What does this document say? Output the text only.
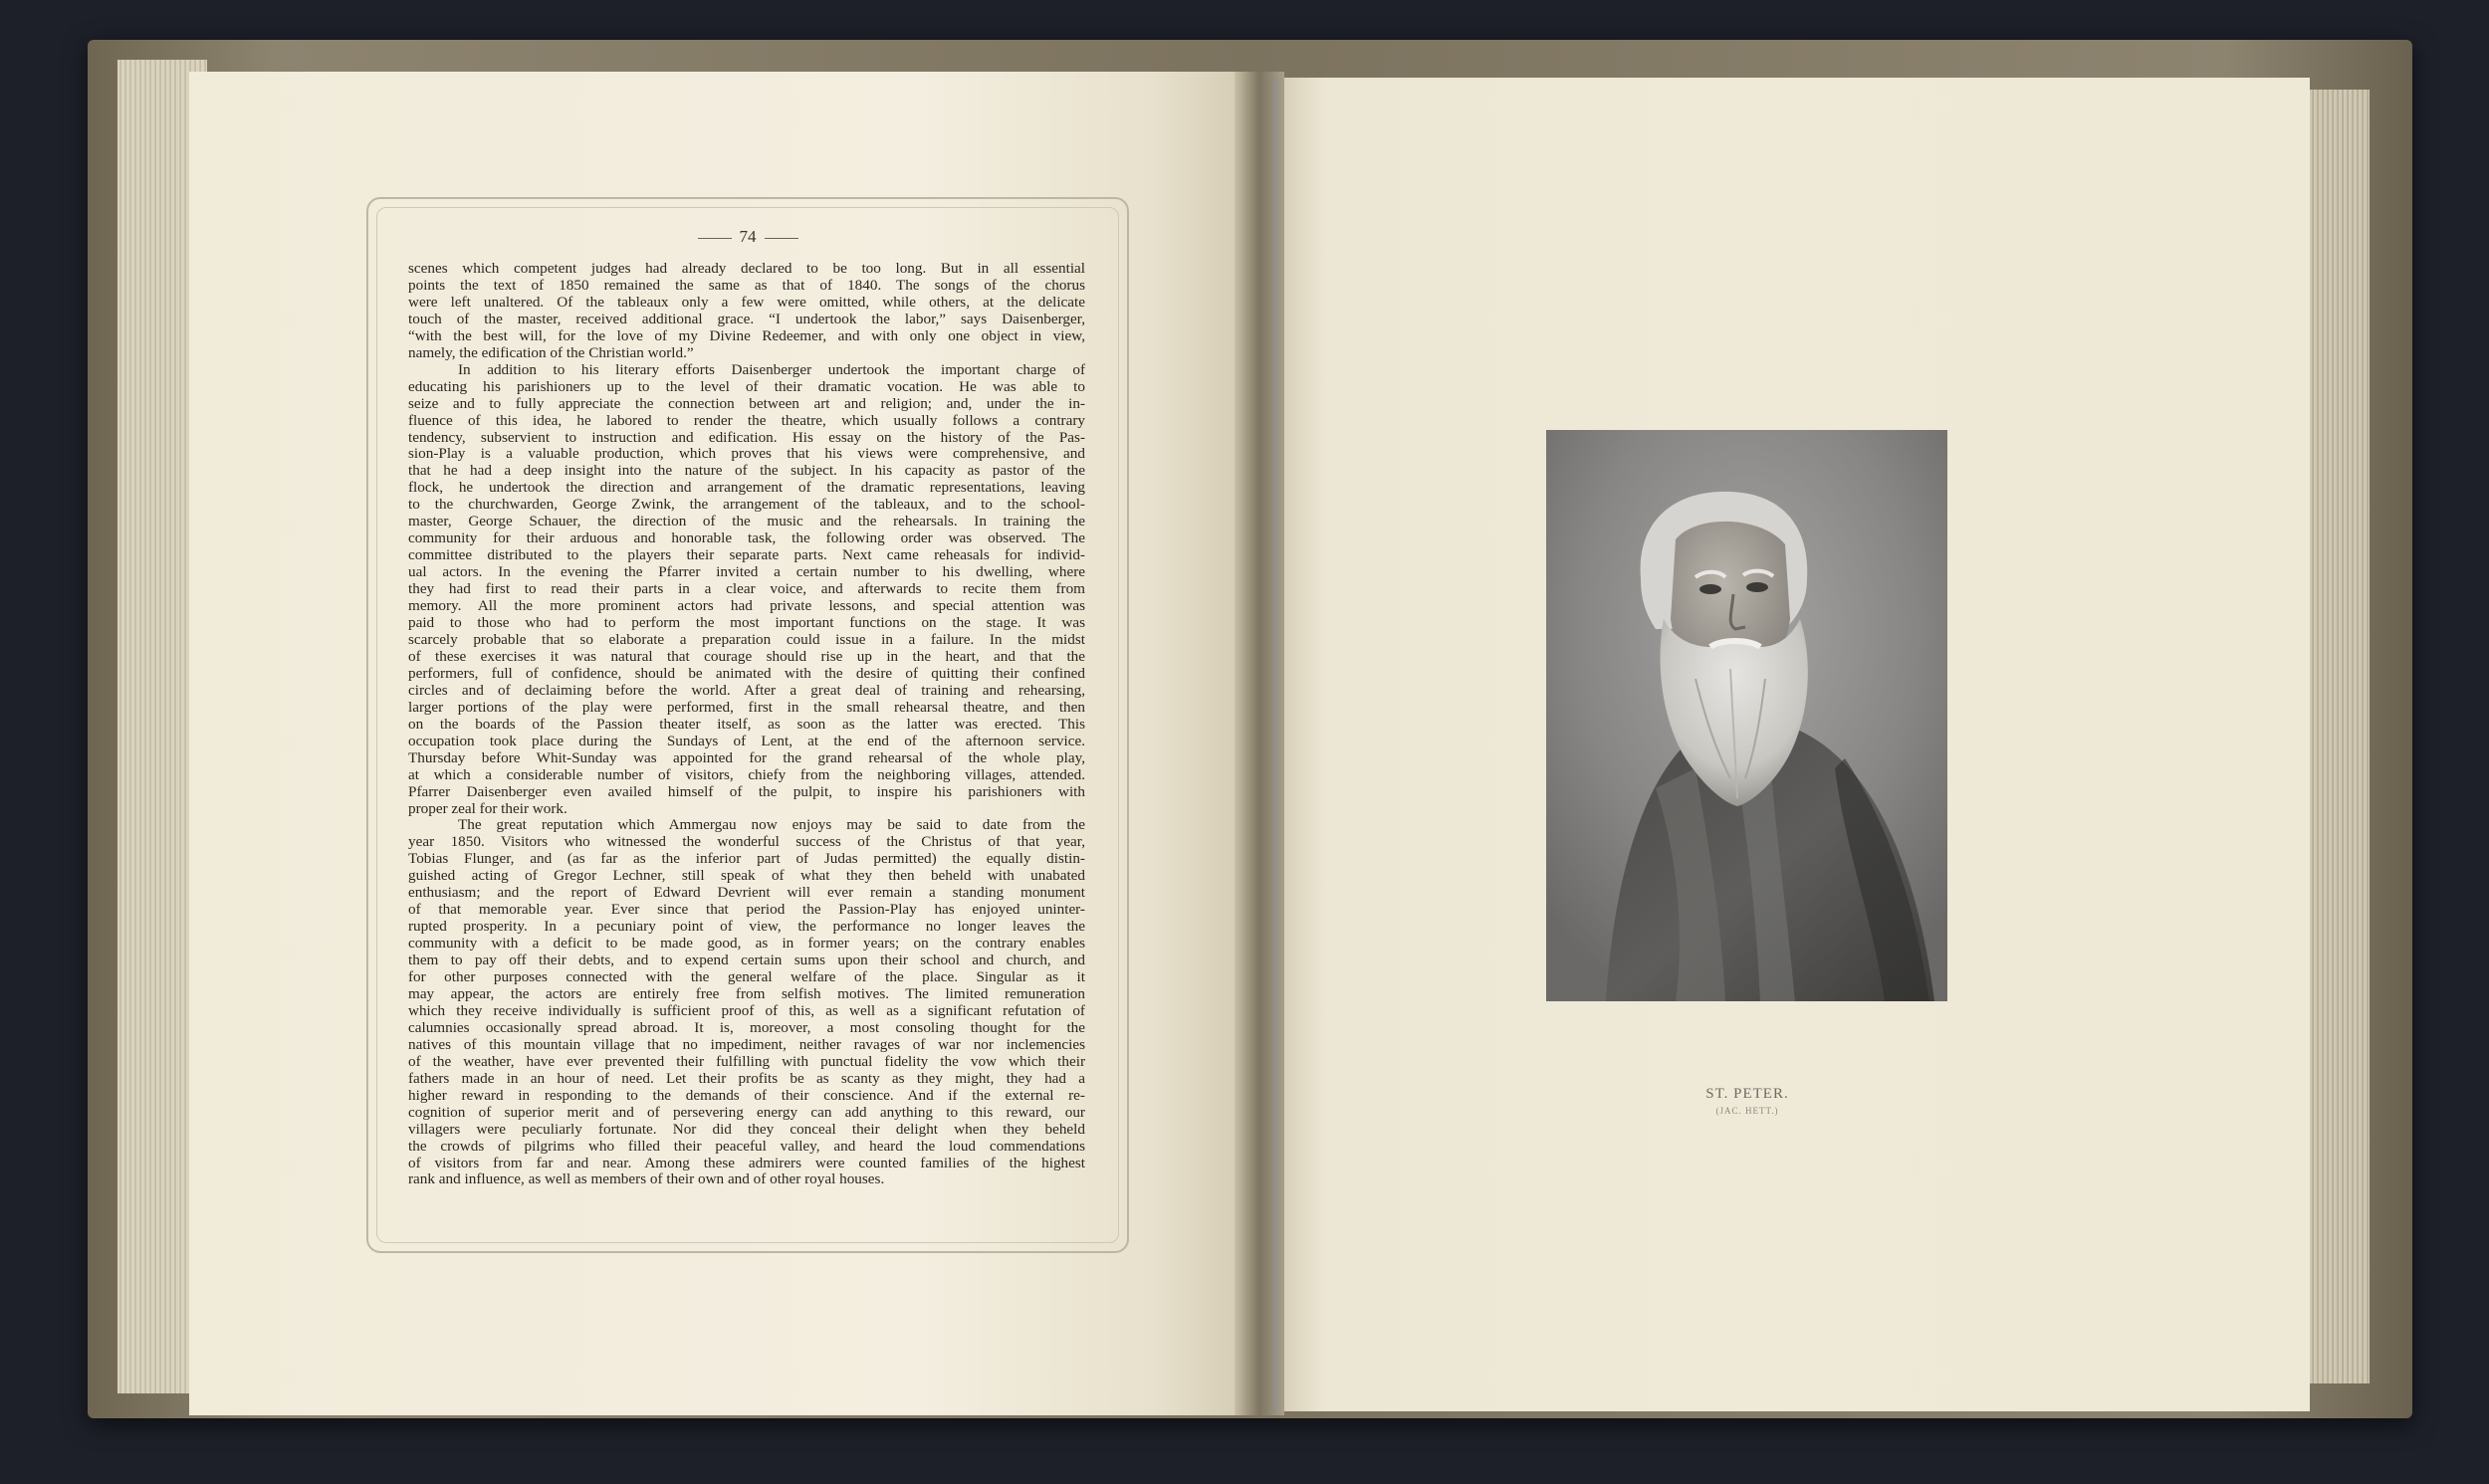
74
scenes which competent judges had already declared to be too long. But in all essential
points the text of 1850 remained the same as that of 1840. The songs of the chorus
were left unaltered. Of the tableaux only a few were omitted, while others, at the delicate
touch of the master, received additional grace. “I undertook the labor,” says Daisenberger,
“with the best will, for the love of my Divine Redeemer, and with only one object in view,
namely, the edification of the Christian world.”
In addition to his literary efforts Daisenberger undertook the important charge of
educating his parishioners up to the level of their dramatic vocation. He was able to
seize and to fully appreciate the connection between art and religion; and, under the in-
fluence of this idea, he labored to render the theatre, which usually follows a contrary
tendency, subservient to instruction and edification. His essay on the history of the Pas-
sion-Play is a valuable production, which proves that his views were comprehensive, and
that he had a deep insight into the nature of the subject. In his capacity as pastor of the
flock, he undertook the direction and arrangement of the dramatic representations, leaving
to the churchwarden, George Zwink, the arrangement of the tableaux, and to the school-
master, George Schauer, the direction of the music and the rehearsals. In training the
community for their arduous and honorable task, the following order was observed. The
committee distributed to the players their separate parts. Next came reheasals for individ-
ual actors. In the evening the Pfarrer invited a certain number to his dwelling, where
they had first to read their parts in a clear voice, and afterwards to recite them from
memory. All the more prominent actors had private lessons, and special attention was
paid to those who had to perform the most important functions on the stage. It was
scarcely probable that so elaborate a preparation could issue in a failure. In the midst
of these exercises it was natural that courage should rise up in the heart, and that the
performers, full of confidence, should be animated with the desire of quitting their confined
circles and of declaiming before the world. After a great deal of training and rehearsing,
larger portions of the play were performed, first in the small rehearsal theatre, and then
on the boards of the Passion theater itself, as soon as the latter was erected. This
occupation took place during the Sundays of Lent, at the end of the afternoon service.
Thursday before Whit-Sunday was appointed for the grand rehearsal of the whole play,
at which a considerable number of visitors, chiefy from the neighboring villages, attended.
Pfarrer Daisenberger even availed himself of the pulpit, to inspire his parishioners with
proper zeal for their work.
The great reputation which Ammergau now enjoys may be said to date from the
year 1850. Visitors who witnessed the wonderful success of the Christus of that year,
Tobias Flunger, and (as far as the inferior part of Judas permitted) the equally distin-
guished acting of Gregor Lechner, still speak of what they then beheld with unabated
enthusiasm; and the report of Edward Devrient will ever remain a standing monument
of that memorable year. Ever since that period the Passion-Play has enjoyed uninter-
rupted prosperity. In a pecuniary point of view, the performance no longer leaves the
community with a deficit to be made good, as in former years; on the contrary enables
them to pay off their debts, and to expend certain sums upon their school and church, and
for other purposes connected with the general welfare of the place. Singular as it
may appear, the actors are entirely free from selfish motives. The limited remuneration
which they receive individually is sufficient proof of this, as well as a significant refutation of
calumnies occasionally spread abroad. It is, moreover, a most consoling thought for the
natives of this mountain village that no impediment, neither ravages of war nor inclemencies
of the weather, have ever prevented their fulfilling with punctual fidelity the vow which their
fathers made in an hour of need. Let their profits be as scanty as they might, they had a
higher reward in responding to the demands of their conscience. And if the external re-
cognition of superior merit and of persevering energy can add anything to this reward, our
villagers were peculiarly fortunate. Nor did they conceal their delight when they beheld
the crowds of pilgrims who filled their peaceful valley, and heard the loud commendations
of visitors from far and near. Among these admirers were counted families of the highest
rank and influence, as well as members of their own and of other royal houses.
ST. PETER.
(JAC. HETT.)
